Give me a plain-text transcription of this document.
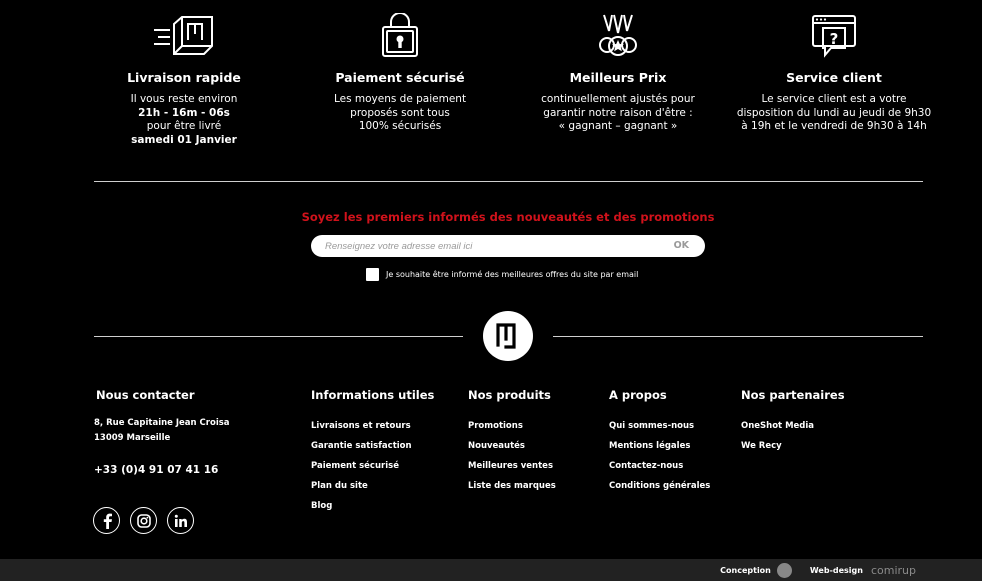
Livraison rapide
Il vous reste environ
21h - 16m - 06s
pour être livré
samedi 01 Janvier
Paiement sécurisé
Les moyens de paiement
proposés sont tous
100% sécurisés
Meilleurs Prix
continuellement ajustés pour
garantir notre raison d'être :
« gagnant – gagnant »
?
Service client
Le service client est a votre
disposition du lundi au jeudi de 9h30
à 19h et le vendredi de 9h30 à 14h
Soyez les premiers informés des nouveautés et des promotions
Renseignez votre adresse email ici
OK
Je souhaite être informé des meilleures offres du site par email
Nous contacter
8, Rue Capitaine Jean Croisa
13009 Marseille
+33 (0)4 91 07 41 16
Informations utiles
Livraisons et retours
Garantie satisfaction
Paiement sécurisé
Plan du site
Blog
Nos produits
Promotions
Nouveautés
Meilleures ventes
Liste des marques
A propos
Qui sommes-nous
Mentions légales
Contactez-nous
Conditions générales
Nos partenaires
OneShot Media
We Recy
Conception	Web-design comirup
